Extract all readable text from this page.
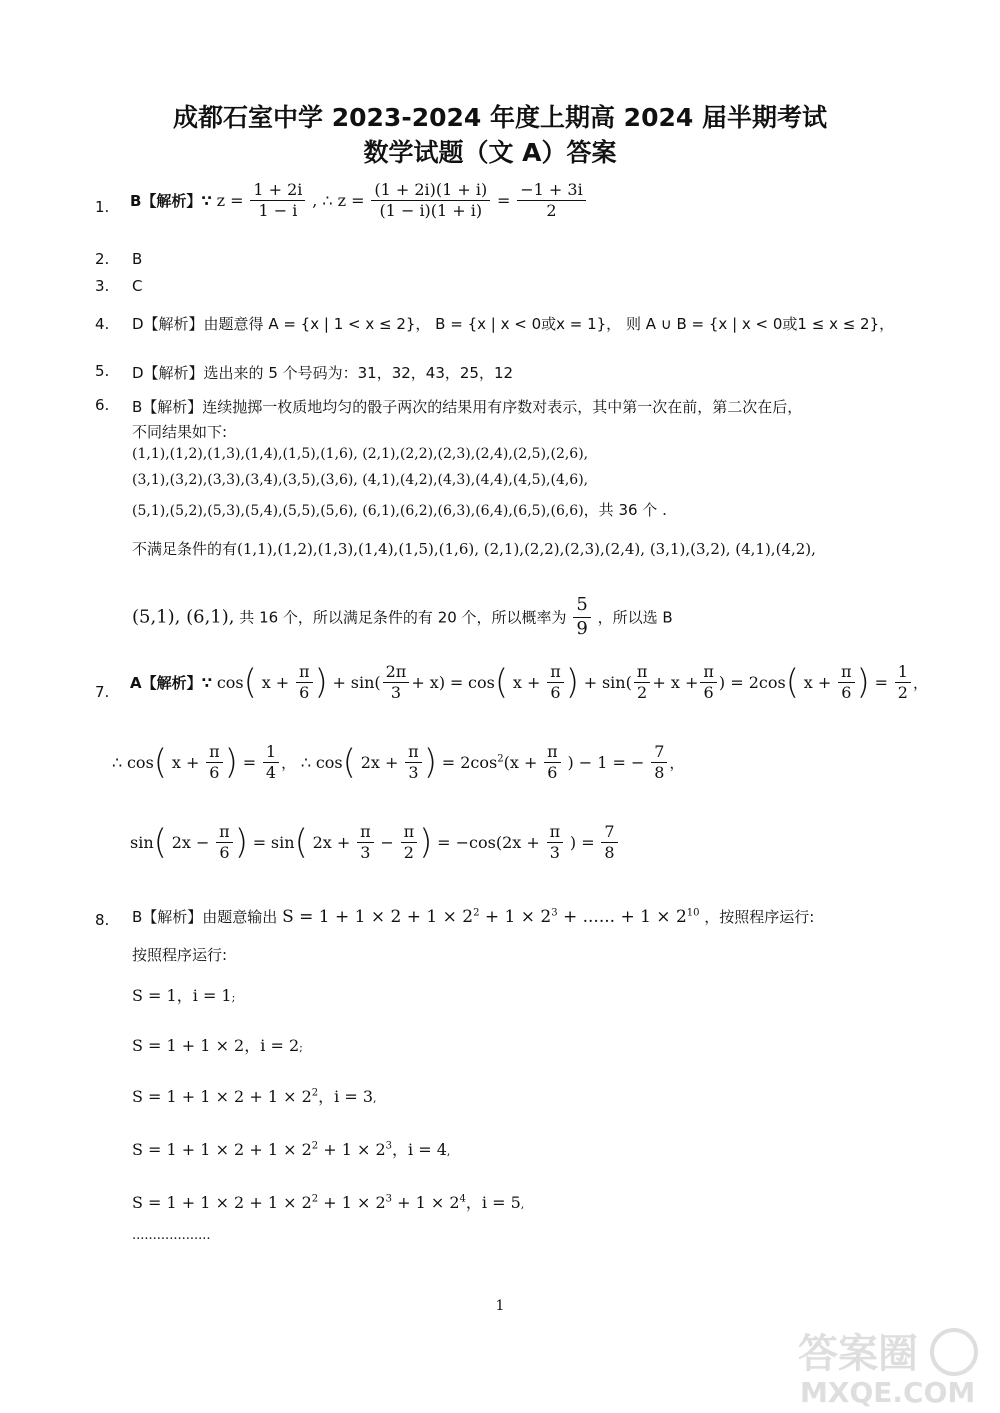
成都石室中学 2023-2024 年度上期高 2024 届半期考试
数学试题（文 A）答案
1. B【解析】∵ $z = \frac{1 + 2i}{1 - i}$ , ∴ $z = \frac{(1 + 2i)(1 + i)}{(1 - i)(1 + i)} = \frac{-1 + 3i}{2}$
2. B
3. C
4. D【解析】由题意得 A = {x | 1 < x ≤ 2}， B = {x | x < 0或x = 1}， 则 A ∪ B = {x | x < 0或1 ≤ x ≤ 2}，
5. D【解析】选出来的 5 个号码为：31，32，43，25，12
6. B【解析】连续抛掷一枚质地均匀的骰子两次的结果用有序数对表示，其中第一次在前，第二次在后，
不同结果如下:
(1,1),(1,2),(1,3),(1,4),(1,5),(1,6), (2,1),(2,2),(2,3),(2,4),(2,5),(2,6),
(3,1),(3,2),(3,3),(3,4),(3,5),(3,6), (4,1),(4,2),(4,3),(4,4),(4,5),(4,6),
(5,1),(5,2),(5,3),(5,4),(5,5),(5,6), (6,1),(6,2),(6,3),(6,4),(6,5),(6,6)，共 36 个 .
不满足条件的有(1,1),(1,2),(1,3),(1,4),(1,5),(1,6), (2,1),(2,2),(2,3),(2,4), (3,1),(3,2), (4,1),(4,2),
(5,1), (6,1), 共 16 个，所以满足条件的有 20 个，所以概率为 $\frac{5}{9}$ ，所以选 B
7. A【解析】∵ cos( $x + \frac{\pi}{6}$ ) + $\sin( \frac{2\pi}{3} + x) = \cos$( $x + \frac{\pi}{6}$ ) + $\sin( \frac{\pi}{2} + x + \frac{\pi}{6}$ ) = 2cos( $x + \frac{\pi}{6}$ ) = $\frac{1}{2}$ ，
∴ cos( $x + \frac{\pi}{6}$ ) = $\frac{1}{4}$ ， ∴ cos( $2x + \frac{\pi}{3}$ ) = $2\cos^2(x + \frac{\pi}{6}$ ) − 1 = − $\frac{7}{8}$ ，
sin( $2x - \frac{\pi}{6}$ ) = sin( $2x + \frac{\pi}{3} - \frac{\pi}{2}$ ) = $-\cos(2x + \frac{\pi}{3}$ ) = $\frac{7}{8}$
8. B【解析】由题意输出 $S = 1 + 1 \times 2 + 1 \times 2^2 + 1 \times 2^3$ + ...... + $1 \times 2^{10}$ ，按照程序运行:
按照程序运行:
S = 1，i = 1;
S = 1 + 1 × 2，i = 2;
$S = 1 + 1 \times 2 + 1 \times 2^2$，i = 3,
$S = 1 + 1 \times 2 + 1 \times 2^2 + 1 \times 2^3$，i = 4,
$S = 1 + 1 \times 2 + 1 \times 2^2 + 1 \times 2^3 + 1 \times 2^4$，i = 5,
...................
1
答案圈
MXQE.COM
